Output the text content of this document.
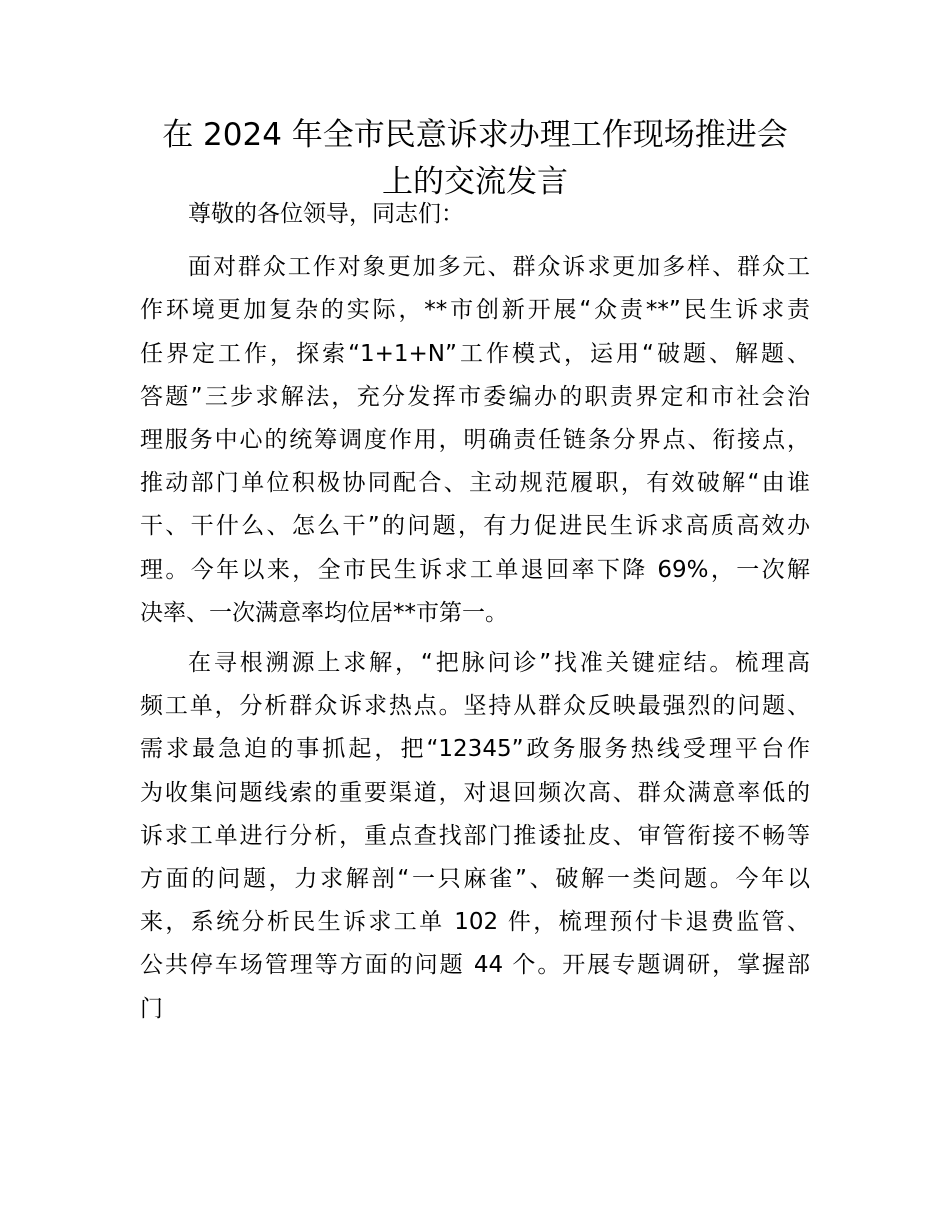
在 2024 年全市民意诉求办理工作现场推进会
上的交流发言

尊敬的各位领导，同志们：

面对群众工作对象更加多元、群众诉求更加多样、群众工
作环境更加复杂的实际，**市创新开展“众责**”民生诉求责
任界定工作，探索“1+1+N”工作模式，运用“破题、解题、
答题”三步求解法，充分发挥市委编办的职责界定和市社会治
理服务中心的统筹调度作用，明确责任链条分界点、衔接点，
推动部门单位积极协同配合、主动规范履职，有效破解“由谁
干、干什么、怎么干”的问题，有力促进民生诉求高质高效办
理。今年以来，全市民生诉求工单退回率下降 69%，一次解
决率、一次满意率均位居**市第一。
在寻根溯源上求解，“把脉问诊”找准关键症结。梳理高
频工单，分析群众诉求热点。坚持从群众反映最强烈的问题、
需求最急迫的事抓起，把“12345”政务服务热线受理平台作
为收集问题线索的重要渠道，对退回频次高、群众满意率低的
诉求工单进行分析，重点查找部门推诿扯皮、审管衔接不畅等
方面的问题，力求解剖“一只麻雀”、破解一类问题。今年以
来，系统分析民生诉求工单 102 件，梳理预付卡退费监管、
公共停车场管理等方面的问题 44 个。开展专题调研，掌握部
门
